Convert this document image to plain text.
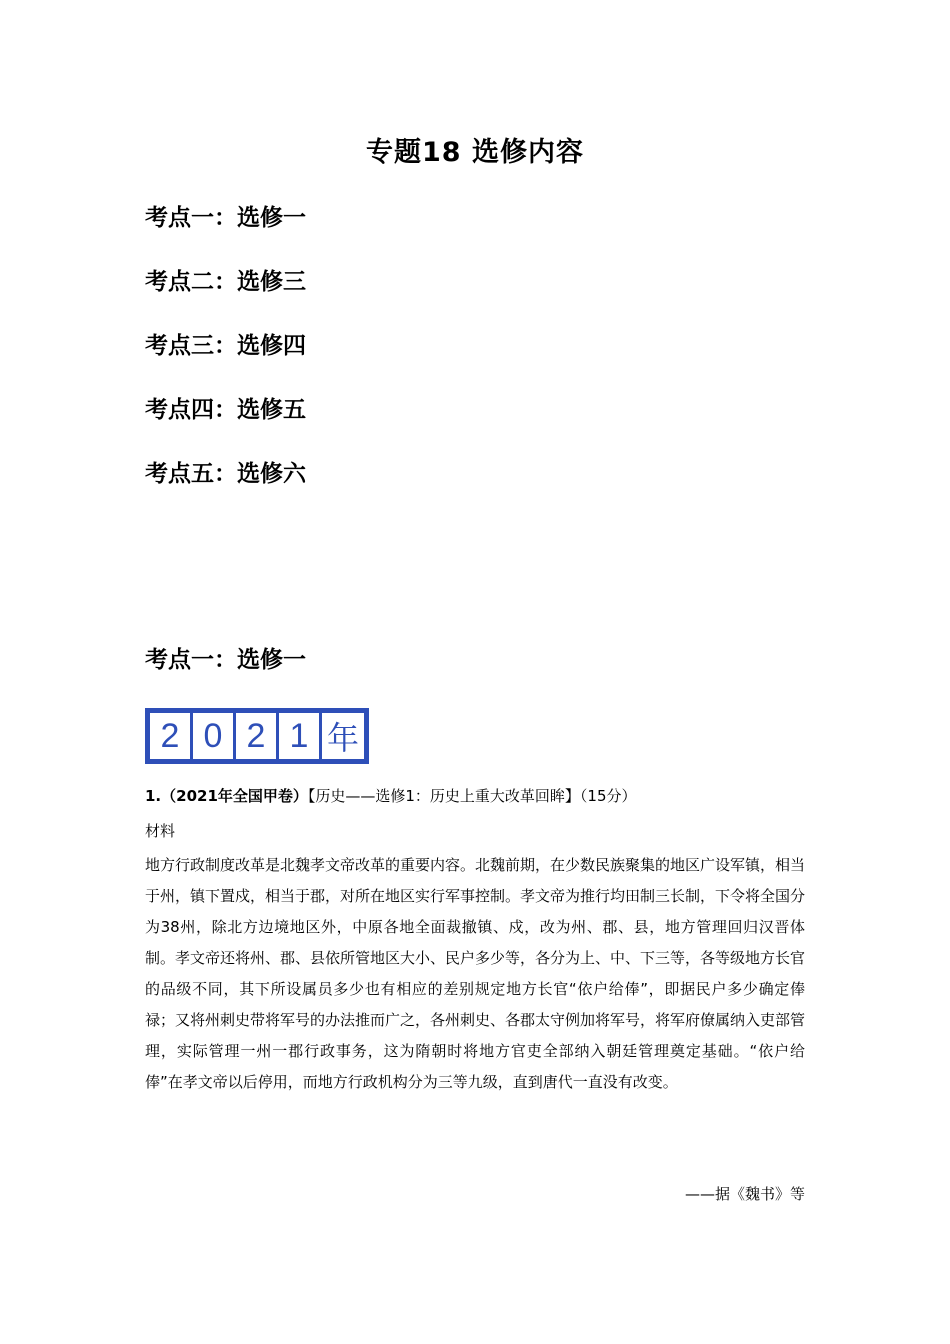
专题18 选修内容
考点一：选修一
考点二：选修三
考点三：选修四
考点四：选修五
考点五：选修六
考点一：选修一
2 0 2 1 年
1.（2021年全国甲卷）【历史——选修1：历史上重大改革回眸】（15分）
材料

地方行政制度改革是北魏孝文帝改革的重要内容。北魏前期，在少数民族聚集的地区广设军镇，相当于州，镇下置戍，相当于郡，对所在地区实行军事控制。孝文帝为推行均田制三长制，下令将全国分为38州，除北方边境地区外，中原各地全面裁撤镇、戍，改为州、郡、县，地方管理回归汉晋体制。孝文帝还将州、郡、县依所管地区大小、民户多少等，各分为上、中、下三等，各等级地方长官的品级不同，其下所设属员多少也有相应的差别规定地方长官“依户给俸”，即据民户多少确定俸禄；又将州刺史带将军号的办法推而广之，各州刺史、各郡太守例加将军号，将军府僚属纳入吏部管理，实际管理一州一郡行政事务，这为隋朝时将地方官吏全部纳入朝廷管理奠定基础。“依户给俸”在孝文帝以后停用，而地方行政机构分为三等九级，直到唐代一直没有改变。

——据《魏书》等
